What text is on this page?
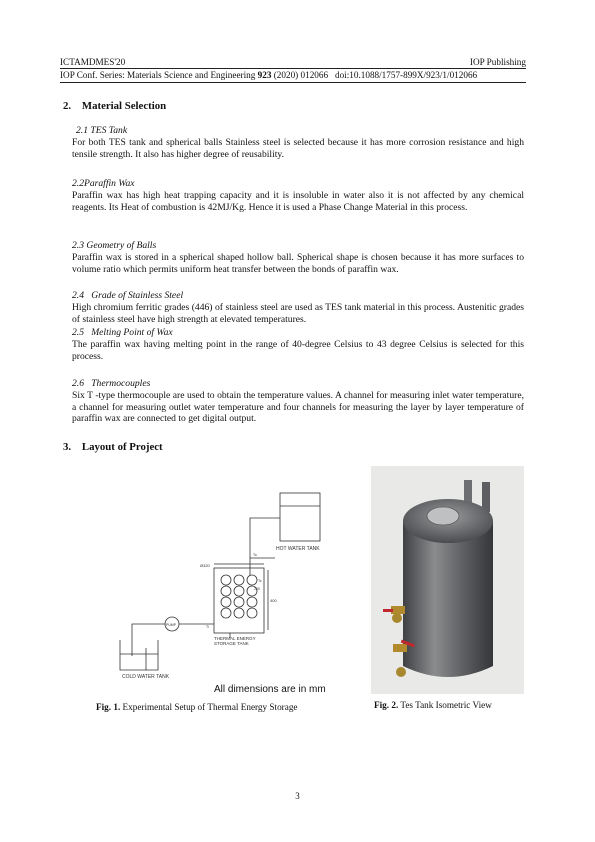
ICTAMDMES'20	IOP Publishing
IOP Conf. Series: Materials Science and Engineering 923 (2020) 012066   doi:10.1088/1757-899X/923/1/012066
2.    Material Selection
2.1 TES Tank
For both TES tank and spherical balls Stainless steel is selected because it has more corrosion resistance and high tensile strength. It also has higher degree of reusability.
2.2Paraffin Wax
Paraffin wax has high heat trapping capacity and it is insoluble in water also it is not affected by any chemical reagents. Its Heat of combustion is 42MJ/Kg. Hence it is used a Phase Change Material in this process.
2.3 Geometry of Balls
Paraffin wax is stored in a spherical shaped hollow ball. Spherical shape is chosen because it has more surfaces to volume ratio which permits uniform heat transfer between the bonds of paraffin wax.
2.4   Grade of Stainless Steel
High chromium ferritic grades (446) of stainless steel are used as TES tank material in this process. Austenitic grades of stainless steel have high strength at elevated temperatures.
2.5   Melting Point of Wax
The paraffin wax having melting point in the range of 40-degree Celsius to 43 degree Celsius is selected for this process.
2.6   Thermocouples
Six T -type thermocouple are used to obtain the temperature values. A channel for measuring inlet water temperature, a channel for measuring outlet water temperature and four channels for measuring the layer by layer temperature of paraffin wax are connected to get digital output.
3.    Layout of Project
HOT WATER TANK
COLD WATER TANK
PUMP
THERMAL ENERGY
STORAGE TANK
Ø320
400
200
To
Ti
Tc
All dimensions are in mm
Fig. 1. Experimental Setup of Thermal Energy Storage	Fig. 2. Tes Tank Isometric View
3
